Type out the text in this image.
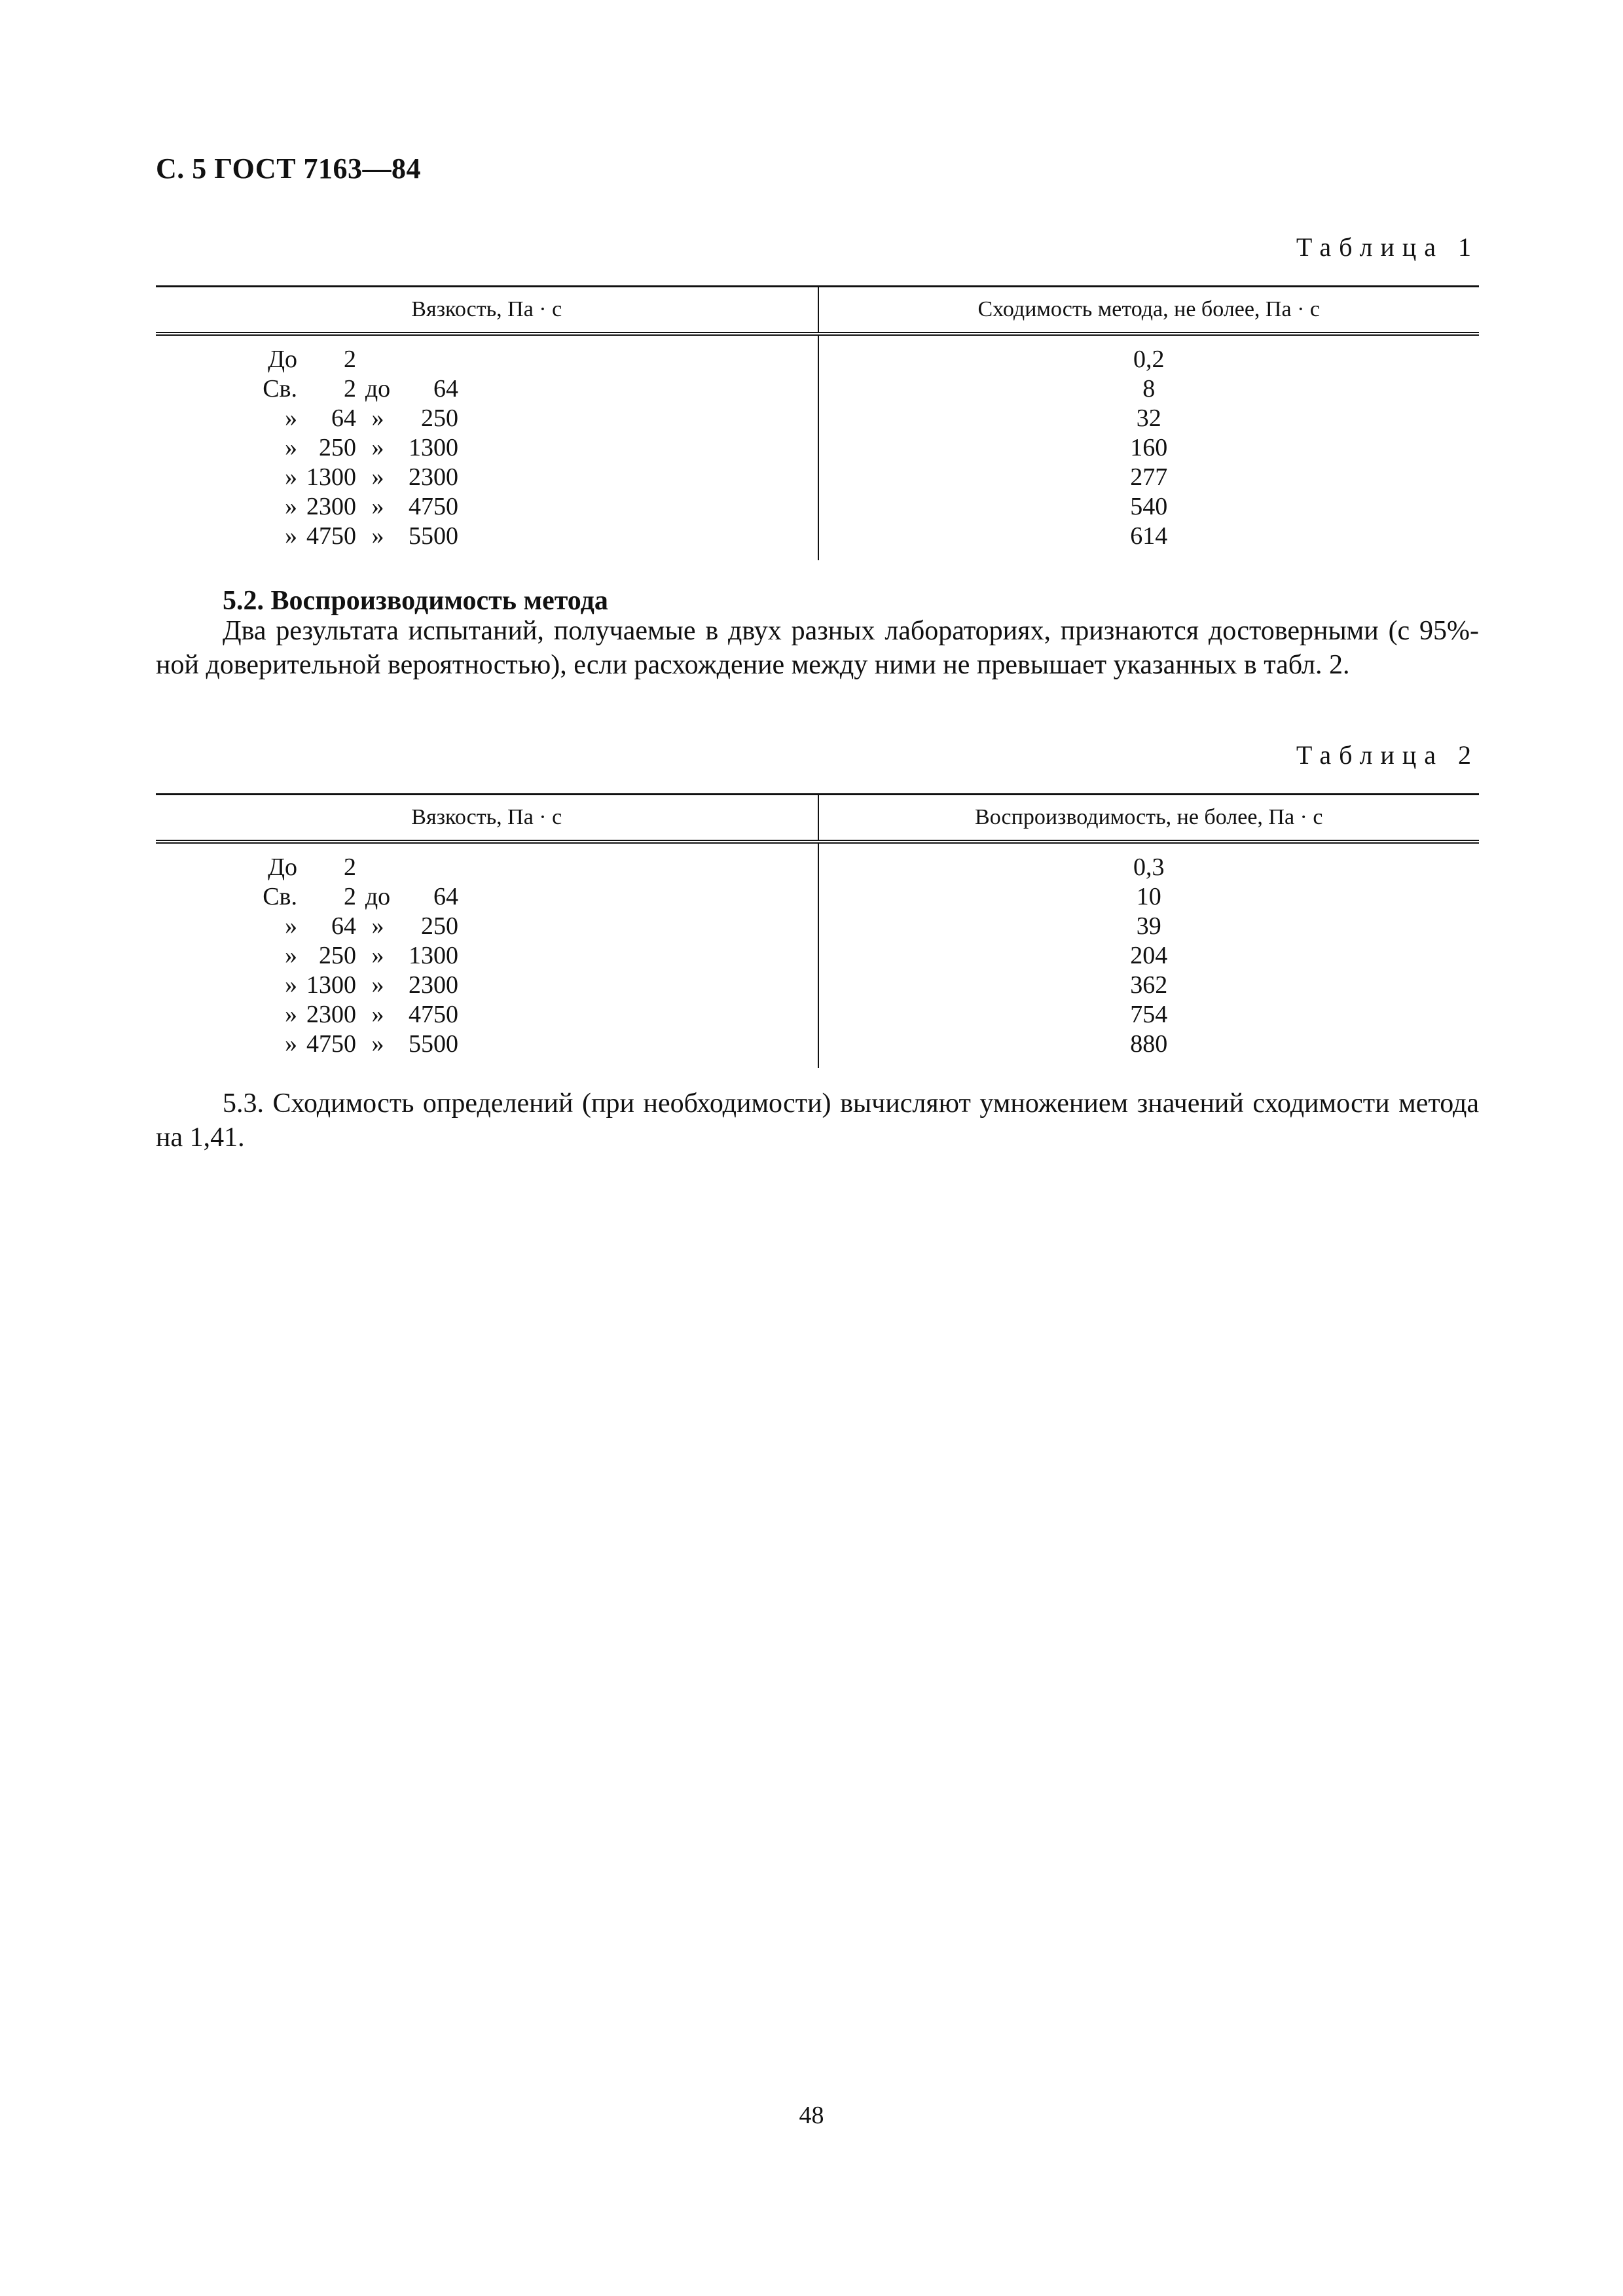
С. 5 ГОСТ 7163—84
Таблица 1
Вязкость, Па · с	Сходимость метода, не более, Па · с

До 2	0,2

Св. 2 до 64	8

» 64 » 250	32

» 250 » 1300	160

» 1300 » 2300	277

» 2300 » 4750	540

» 4750 » 5500	614
5.2. Воспроизводимость метода
Два результата испытаний, получаемые в двух разных лабораториях, признаются достоверными (с 95%-ной доверительной вероятностью), если расхождение между ними не превышает указанных в табл. 2.
Таблица 2
Вязкость, Па · с	Воспроизводимость, не более, Па · с

До 2	0,3

Св. 2 до 64	10

» 64 » 250	39

» 250 » 1300	204

» 1300 » 2300	362

» 2300 » 4750	754

» 4750 » 5500	880
5.3. Сходимость определений (при необходимости) вычисляют умножением значений сходимости метода на 1,41.
48
